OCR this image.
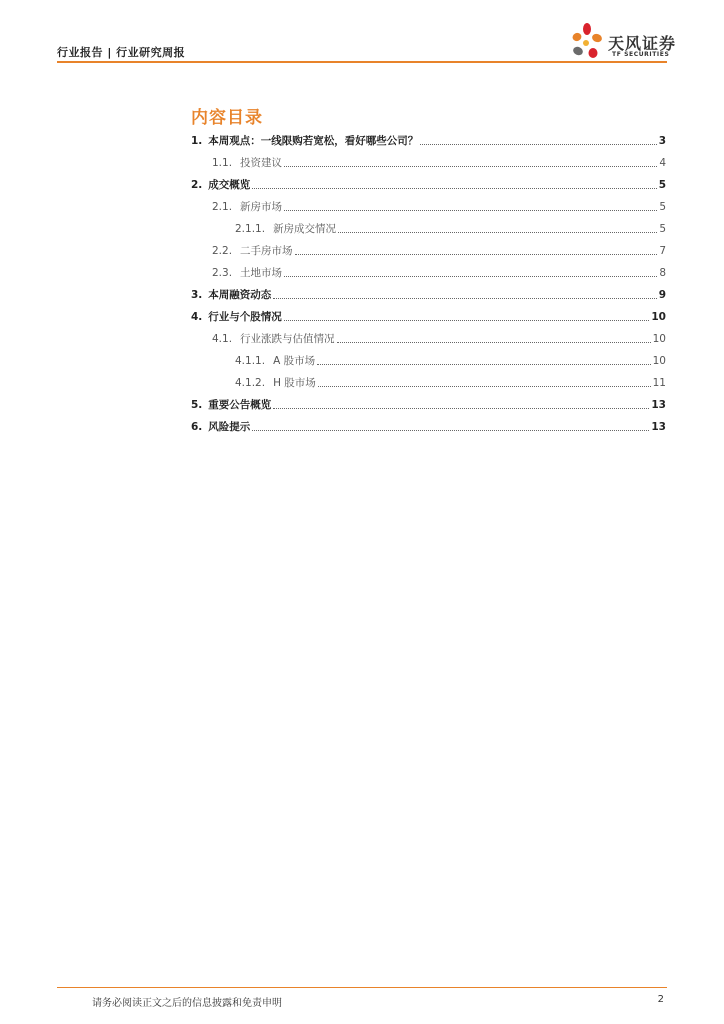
行业报告 | 行业研究周报	天风证券
TF SECURITIES
内容目录
1. 本周观点：一线限购若宽松，看好哪些公司？	3
1.1. 投资建议	4
2. 成交概览	5
2.1. 新房市场	5
2.1.1. 新房成交情况	5
2.2. 二手房市场	7
2.3. 土地市场	8
3. 本周融资动态	9
4. 行业与个股情况	10
4.1. 行业涨跌与估值情况	10
4.1.1. A 股市场	10
4.1.2. H 股市场	11
5. 重要公告概览	13
6. 风险提示	13
请务必阅读正文之后的信息披露和免责申明	2
